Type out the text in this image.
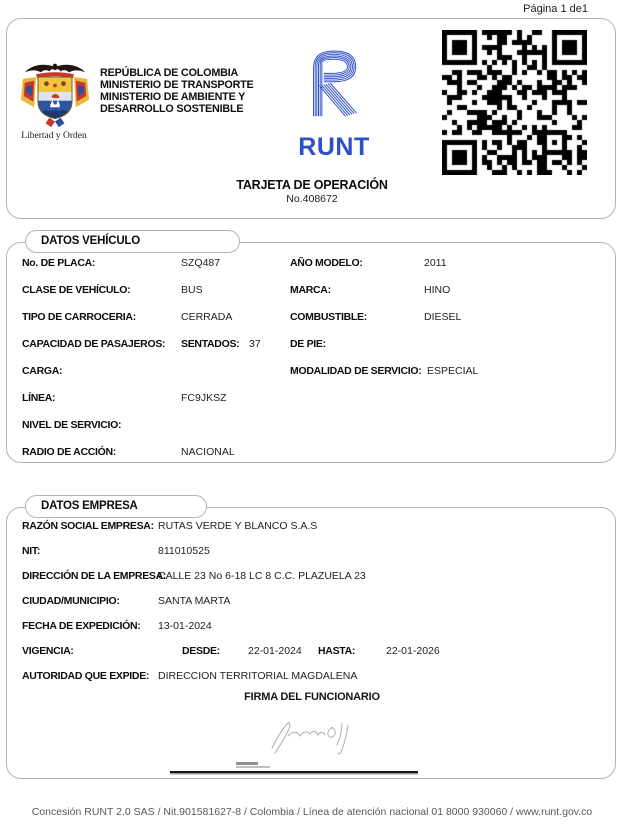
Página 1 de1
Libertad y Orden
REPÚBLICA DE COLOMBIA
MINISTERIO DE TRANSPORTE
MINISTERIO DE AMBIENTE Y
DESARROLLO SOSTENIBLE
RUNT
TARJETA DE OPERACIÓN
No.408672
DATOS VEHÍCULO
No. DE PLACA:	SZQ487	AÑO MODELO:	2011
CLASE DE VEHÍCULO:	BUS	MARCA:	HINO
TIPO DE CARROCERIA:	CERRADA	COMBUSTIBLE:	DIESEL
CAPACIDAD DE PASAJEROS: SENTADOS: 37	DE PIE:
CARGA:	MODALIDAD DE SERVICIO: ESPECIAL
LÍNEA:	FC9JKSZ
NIVEL DE SERVICIO:
RADIO DE ACCIÓN:	NACIONAL
DATOS EMPRESA
RAZÓN SOCIAL EMPRESA: RUTAS VERDE Y BLANCO S.A.S
NIT:	811010525
DIRECCIÓN DE LA EMPRESA:
CALLE 23 No 6-18 LC 8 C.C. PLAZUELA 23
CIUDAD/MUNICIPIO:	SANTA MARTA
FECHA DE EXPEDICIÓN: 13-01-2024
VIGENCIA:	DESDE:	22-01-2024 HASTA:	22-01-2026
AUTORIDAD QUE EXPIDE: DIRECCION TERRITORIAL MAGDALENA
FIRMA DEL FUNCIONARIO
Concesión RUNT 2.0 SAS / Nit.901581627-8 / Colombia / Línea de atención nacional 01 8000 930060 / www.runt.gov.co
